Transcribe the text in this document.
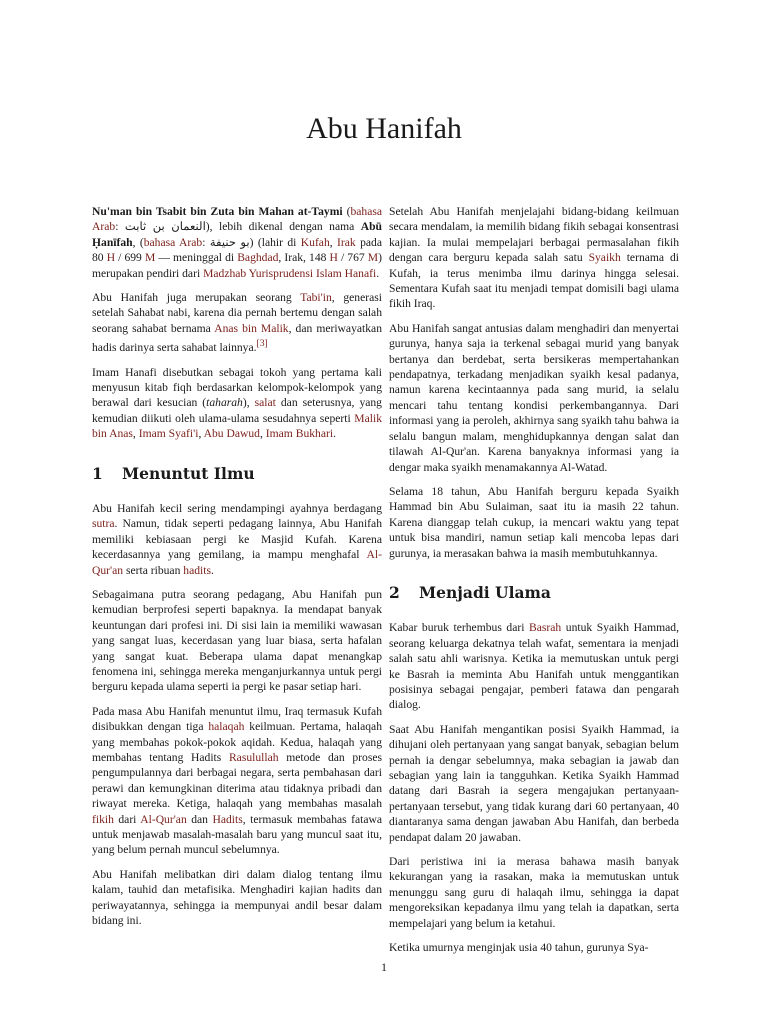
Abu Hanifah

Nu'man bin Tsabit bin Zuta bin Mahan at-Taymi (bahasa Arab: النعمان بن ثابت), lebih dikenal dengan nama Abū Ḥanīfah, (bahasa Arab: بو حنيفة) (lahir di Kufah, Irak pada 80 H / 699 M — meninggal di Baghdad, Irak, 148 H / 767 M) merupakan pendiri dari Madzhab Yurisprudensi Islam Hanafi.

Abu Hanifah juga merupakan seorang Tabi'in, generasi setelah Sahabat nabi, karena dia pernah bertemu dengan salah seorang sahabat bernama Anas bin Malik, dan meriwayatkan hadis darinya serta sahabat lainnya.[3]

Imam Hanafi disebutkan sebagai tokoh yang pertama kali menyusun kitab fiqh berdasarkan kelompok-kelompok yang berawal dari kesucian (taharah), salat dan seterusnya, yang kemudian diikuti oleh ulama-ulama sesudahnya seperti Malik bin Anas, Imam Syafi'i, Abu Dawud, Imam Bukhari.

1 Menuntut Ilmu

Abu Hanifah kecil sering mendampingi ayahnya berdagang sutra. Namun, tidak seperti pedagang lainnya, Abu Hanifah memiliki kebiasaan pergi ke Masjid Kufah. Karena kecerdasannya yang gemilang, ia mampu menghafal Al-Qur'an serta ribuan hadits.

Sebagaimana putra seorang pedagang, Abu Hanifah pun kemudian berprofesi seperti bapaknya. Ia mendapat banyak keuntungan dari profesi ini. Di sisi lain ia memiliki wawasan yang sangat luas, kecerdasan yang luar biasa, serta hafalan yang sangat kuat. Beberapa ulama dapat menangkap fenomena ini, sehingga mereka menganjurkannya untuk pergi berguru kepada ulama seperti ia pergi ke pasar setiap hari.

Pada masa Abu Hanifah menuntut ilmu, Iraq termasuk Kufah disibukkan dengan tiga halaqah keilmuan. Pertama, halaqah yang membahas pokok-pokok aqidah. Kedua, halaqah yang membahas tentang Hadits Rasulullah metode dan proses pengumpulannya dari berbagai negara, serta pembahasan dari perawi dan kemungkinan diterima atau tidaknya pribadi dan riwayat mereka. Ketiga, halaqah yang membahas masalah fikih dari Al-Qur'an dan Hadits, termasuk membahas fatawa untuk menjawab masalah-masalah baru yang muncul saat itu, yang belum pernah muncul sebelumnya.

Abu Hanifah melibatkan diri dalam dialog tentang ilmu kalam, tauhid dan metafisika. Menghadiri kajian hadits dan periwayatannya, sehingga ia mempunyai andil besar dalam bidang ini.

Setelah Abu Hanifah menjelajahi bidang-bidang keilmuan secara mendalam, ia memilih bidang fikih sebagai konsentrasi kajian. Ia mulai mempelajari berbagai permasalahan fikih dengan cara berguru kepada salah satu Syaikh ternama di Kufah, ia terus menimba ilmu darinya hingga selesai. Sementara Kufah saat itu menjadi tempat domisili bagi ulama fikih Iraq.

Abu Hanifah sangat antusias dalam menghadiri dan menyertai gurunya, hanya saja ia terkenal sebagai murid yang banyak bertanya dan berdebat, serta bersikeras mempertahankan pendapatnya, terkadang menjadikan syaikh kesal padanya, namun karena kecintaannya pada sang murid, ia selalu mencari tahu tentang kondisi perkembangannya. Dari informasi yang ia peroleh, akhirnya sang syaikh tahu bahwa ia selalu bangun malam, menghidupkannya dengan salat dan tilawah Al-Qur'an. Karena banyaknya informasi yang ia dengar maka syaikh menamakannya Al-Watad.

Selama 18 tahun, Abu Hanifah berguru kepada Syaikh Hammad bin Abu Sulaiman, saat itu ia masih 22 tahun. Karena dianggap telah cukup, ia mencari waktu yang tepat untuk bisa mandiri, namun setiap kali mencoba lepas dari gurunya, ia merasakan bahwa ia masih membutuhkannya.

2 Menjadi Ulama

Kabar buruk terhembus dari Basrah untuk Syaikh Hammad, seorang keluarga dekatnya telah wafat, sementara ia menjadi salah satu ahli warisnya. Ketika ia memutuskan untuk pergi ke Basrah ia meminta Abu Hanifah untuk menggantikan posisinya sebagai pengajar, pemberi fatawa dan pengarah dialog.

Saat Abu Hanifah mengantikan posisi Syaikh Hammad, ia dihujani oleh pertanyaan yang sangat banyak, sebagian belum pernah ia dengar sebelumnya, maka sebagian ia jawab dan sebagian yang lain ia tangguhkan. Ketika Syaikh Hammad datang dari Basrah ia segera mengajukan pertanyaan-pertanyaan tersebut, yang tidak kurang dari 60 pertanyaan, 40 diantaranya sama dengan jawaban Abu Hanifah, dan berbeda pendapat dalam 20 jawaban.

Dari peristiwa ini ia merasa bahawa masih banyak kekurangan yang ia rasakan, maka ia memutuskan untuk menunggu sang guru di halaqah ilmu, sehingga ia dapat mengoreksikan kepadanya ilmu yang telah ia dapatkan, serta mempelajari yang belum ia ketahui.

Ketika umurnya menginjak usia 40 tahun, gurunya Sya-

1
